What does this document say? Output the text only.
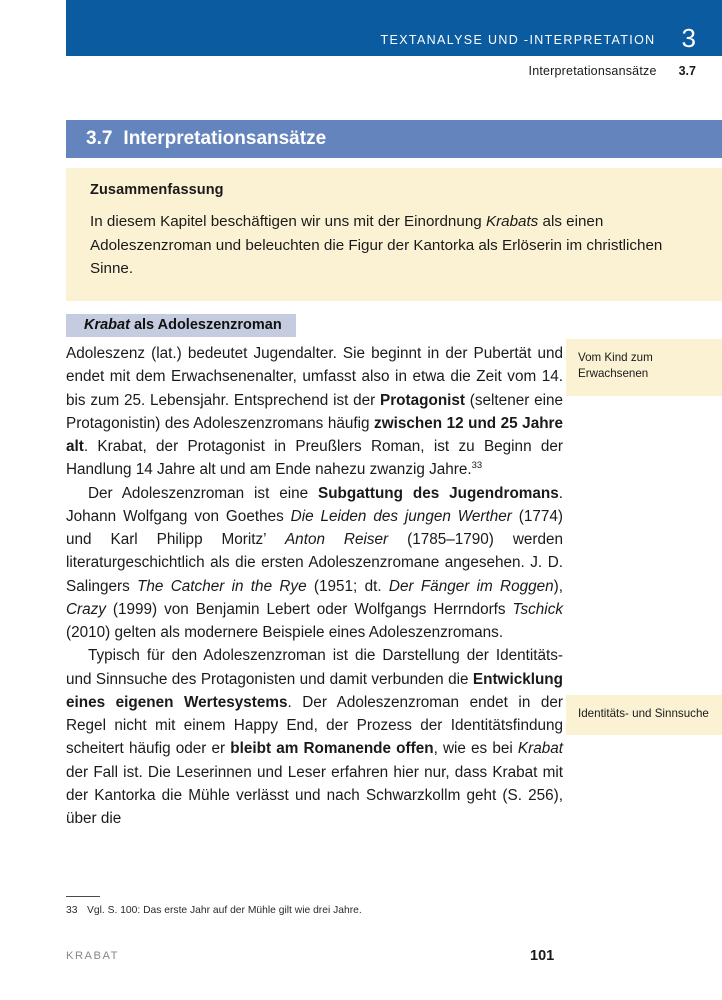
TEXTANALYSE UND -INTERPRETATION 3
Interpretationsansätze 3.7
3.7 Interpretationsansätze
Zusammenfassung

In diesem Kapitel beschäftigen wir uns mit der Einordnung Krabats als einen Adoleszenzroman und beleuchten die Figur der Kantorka als Erlöserin im christlichen Sinne.

Krabat als Adoleszenzroman

Adoleszenz (lat.) bedeutet Jugendalter. Sie beginnt in der Pubertät und endet mit dem Erwachsenenalter, umfasst also in etwa die Zeit vom 14. bis zum 25. Lebensjahr. Entsprechend ist der Protagonist (seltener eine Protagonistin) des Adoleszenzromans häufig zwischen 12 und 25 Jahre alt. Krabat, der Protagonist in Preußlers Roman, ist zu Beginn der Handlung 14 Jahre alt und am Ende nahezu zwanzig Jahre.$^{33}$

Der Adoleszenzroman ist eine Subgattung des Jugendromans. Johann Wolfgang von Goethes Die Leiden des jungen Werther (1774) und Karl Philipp Moritz’ Anton Reiser (1785–1790) werden literaturgeschichtlich als die ersten Adoleszenzromane angesehen. J. D. Salingers The Catcher in the Rye (1951; dt. Der Fänger im Roggen), Crazy (1999) von Benjamin Lebert oder Wolfgangs Herrndorfs Tschick (2010) gelten als modernere Beispiele eines Adoleszenzromans.

Typisch für den Adoleszenzroman ist die Darstellung der Identitäts- und Sinnsuche des Protagonisten und damit verbunden die Entwicklung eines eigenen Wertesystems. Der Adoleszenzroman endet in der Regel nicht mit einem Happy End, der Prozess der Identitätsfindung scheitert häufig oder er bleibt am Romanende offen, wie es bei Krabat der Fall ist. Die Leserinnen und Leser erfahren hier nur, dass Krabat mit der Kantorka die Mühle verlässt und nach Schwarzkollm geht (S. 256), über die

Vom Kind zum Erwachsenen
Identitäts- und Sinnsuche
33 Vgl. S. 100: Das erste Jahr auf der Mühle gilt wie drei Jahre.
KRABAT	101
